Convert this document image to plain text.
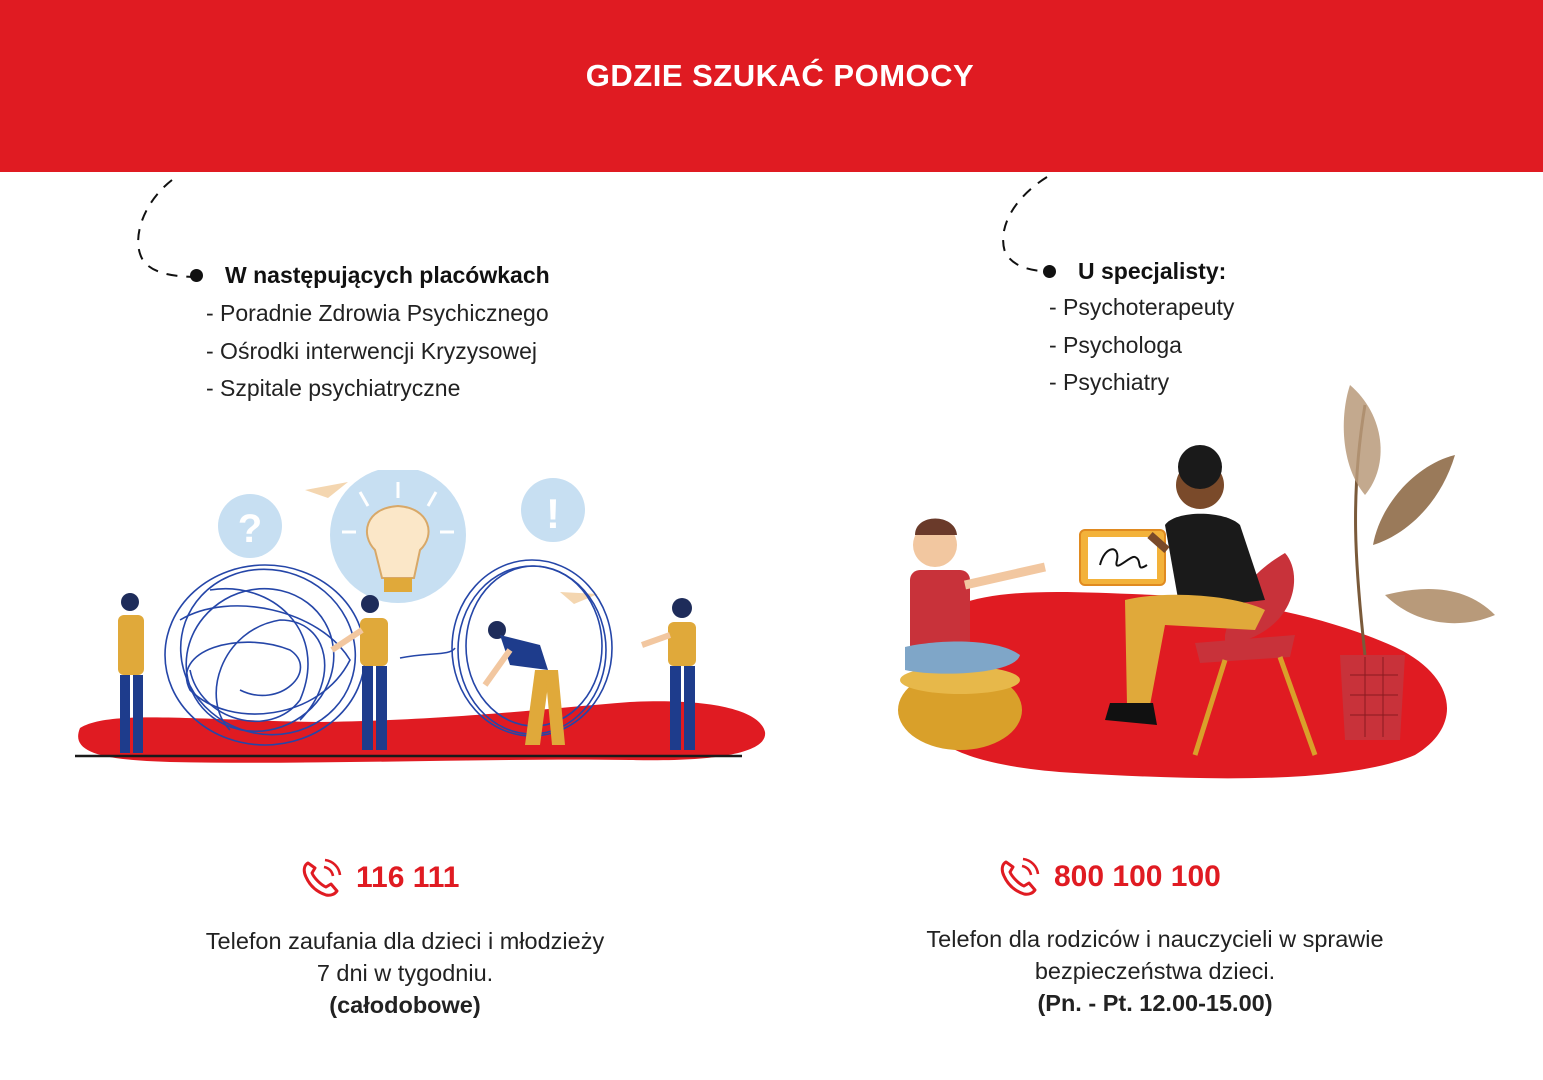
GDZIE SZUKAĆ POMOCY
W następujących placówkach
- Poradnie Zdrowia Psychicznego
- Ośrodki interwencji Kryzysowej
- Szpitale psychiatryczne
U specjalisty:
- Psychoterapeuty
- Psychologa
- Psychiatry
?	!
116 111	800 100 100
Telefon zaufania dla dzieci i młodzieży
7 dni w tygodniu.
(całodobowe)
Telefon dla rodziców i nauczycieli w sprawie
bezpieczeństwa dzieci.
(Pn. - Pt. 12.00-15.00)
